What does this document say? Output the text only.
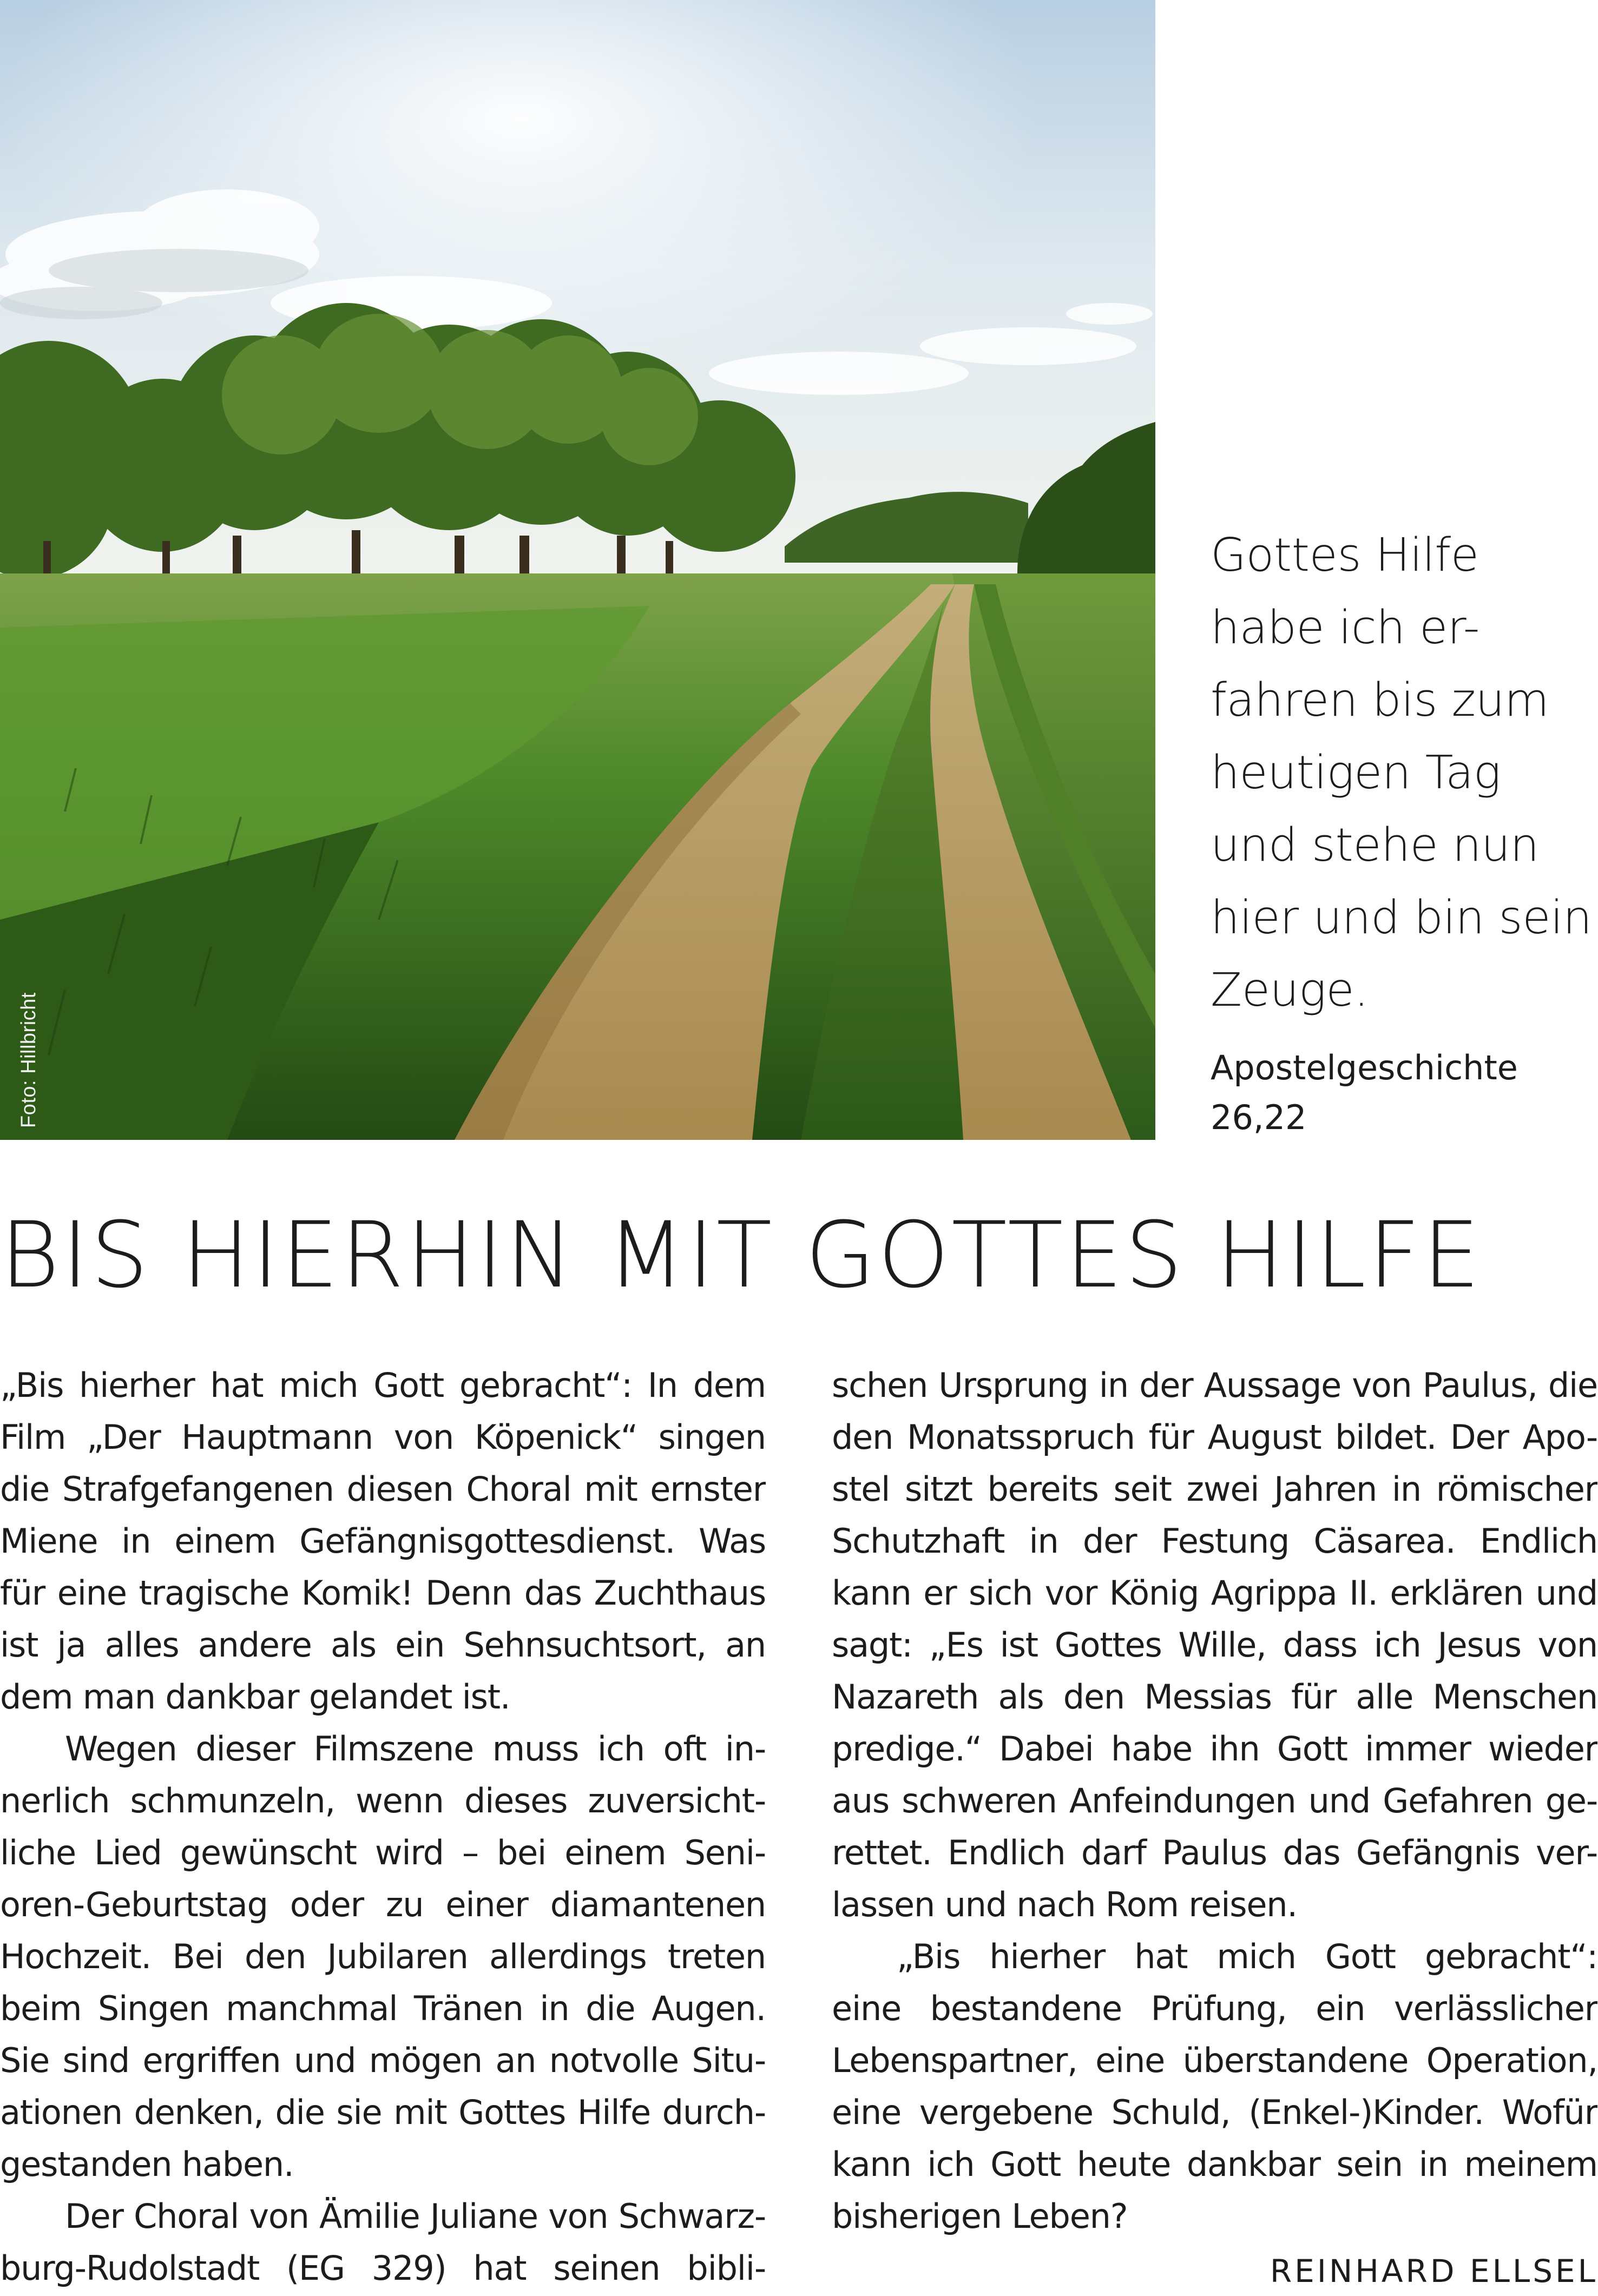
Foto: Hillbricht
Gottes Hilfe
habe ich er-
fahren bis zum
heutigen Tag
und stehe nun
hier und bin sein
Zeuge.
Apostelgeschichte
26,22
BIS HIERHIN MIT GOTTES HILFE
„Bis hierher hat mich Gott gebracht“: In dem
Film „Der Hauptmann von Köpenick“ singen
die Strafgefangenen diesen Choral mit ernster
Miene in einem Gefängnisgottesdienst. Was
für eine tragische Komik! Denn das Zuchthaus
ist ja alles andere als ein Sehnsuchtsort, an
dem man dankbar gelandet ist.
Wegen dieser Filmszene muss ich oft in-
nerlich schmunzeln, wenn dieses zuversicht-
liche Lied gewünscht wird – bei einem Seni-
oren-Geburtstag oder zu einer diamantenen
Hochzeit. Bei den Jubilaren allerdings treten
beim Singen manchmal Tränen in die Augen.
Sie sind ergriffen und mögen an notvolle Situ-
ationen denken, die sie mit Gottes Hilfe durch-
gestanden haben.
Der Choral von Ämilie Juliane von Schwarz-
burg-Rudolstadt (EG 329) hat seinen bibli-
schen Ursprung in der Aussage von Paulus, die
den Monatsspruch für August bildet. Der Apo-
stel sitzt bereits seit zwei Jahren in römischer
Schutzhaft in der Festung Cäsarea. Endlich
kann er sich vor König Agrippa II. erklären und
sagt: „Es ist Gottes Wille, dass ich Jesus von
Nazareth als den Messias für alle Menschen
predige.“ Dabei habe ihn Gott immer wieder
aus schweren Anfeindungen und Gefahren ge-
rettet. Endlich darf Paulus das Gefängnis ver-
lassen und nach Rom reisen.
„Bis hierher hat mich Gott gebracht“:
eine bestandene Prüfung, ein verlässlicher
Lebenspartner, eine überstandene Operation,
eine vergebene Schuld, (Enkel-)Kinder. Wofür
kann ich Gott heute dankbar sein in meinem
bisherigen Leben?
REINHARD ELLSEL
